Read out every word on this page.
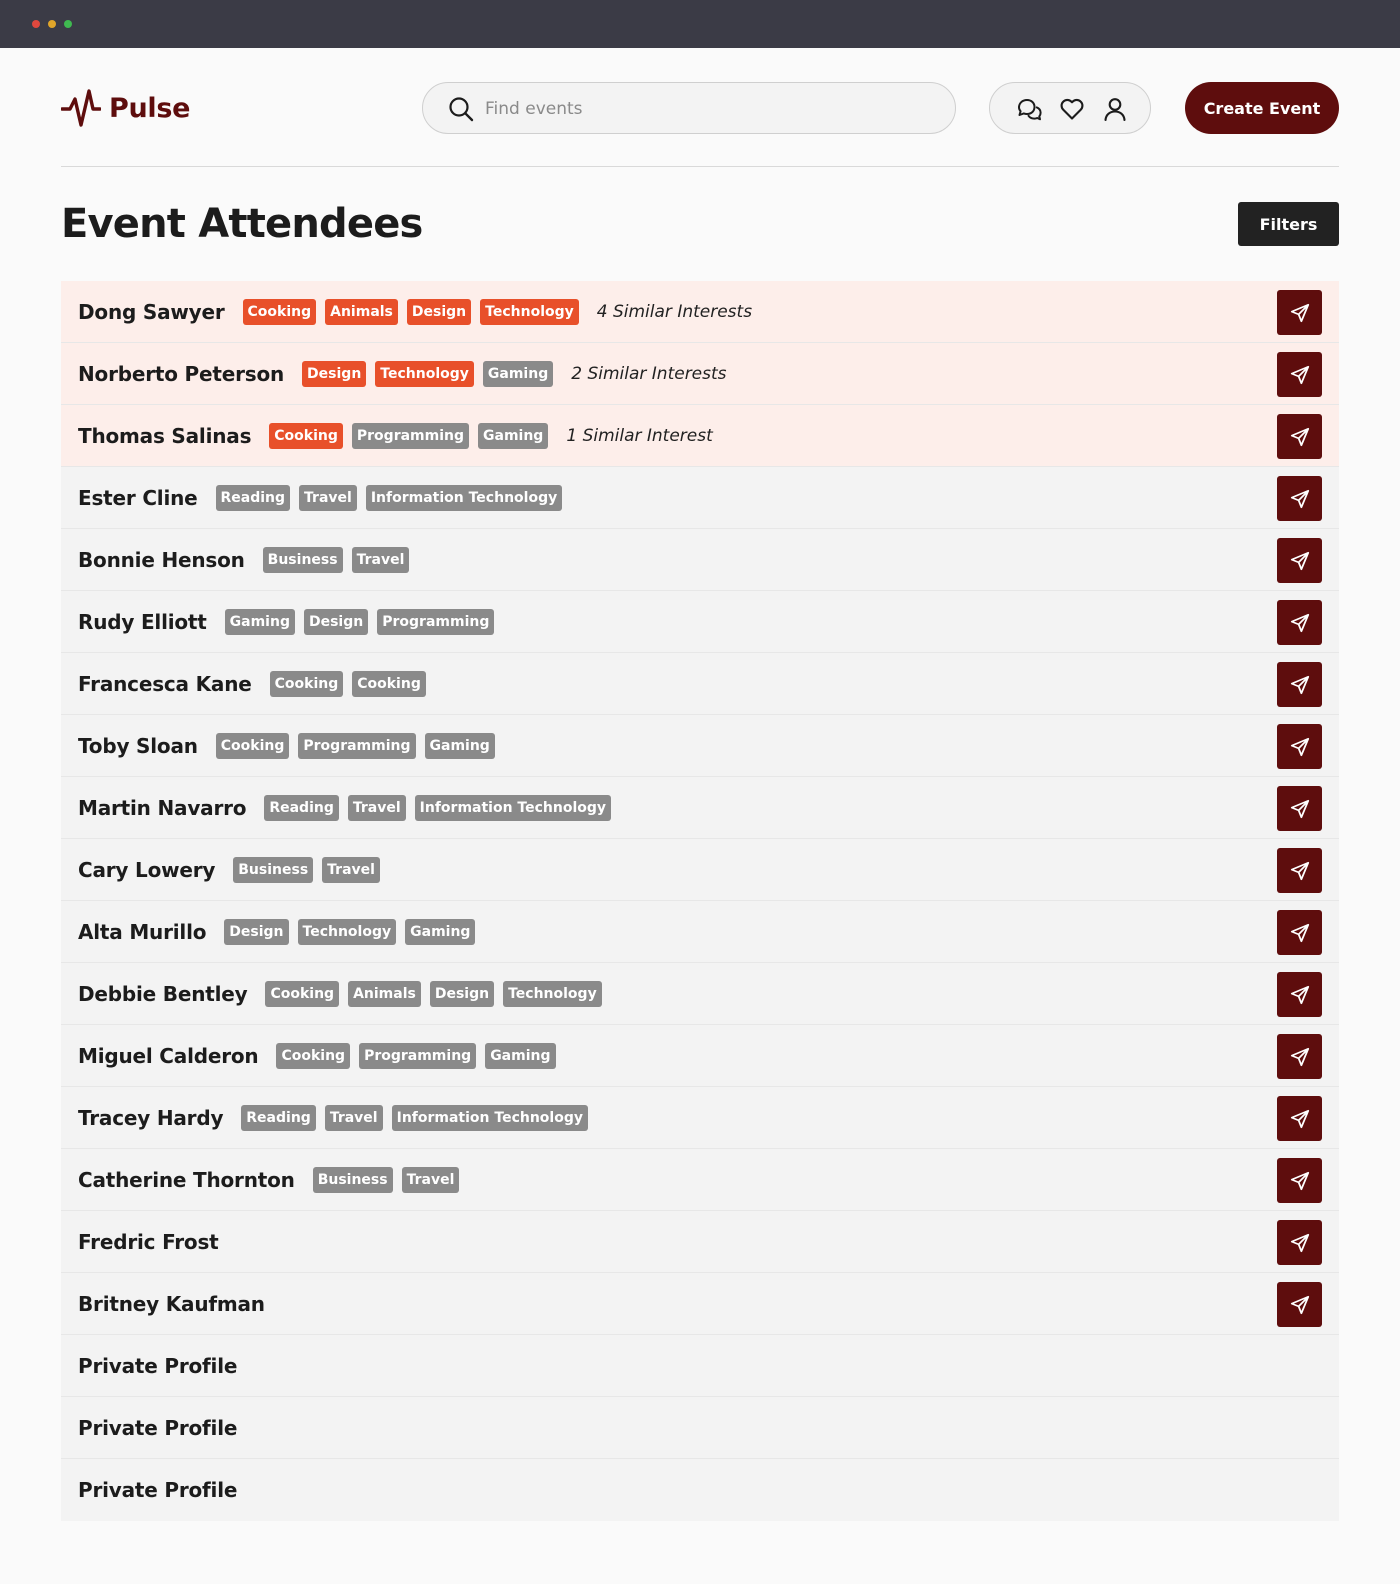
Pulse
Find events	Create Event
Event Attendees	Filters
Dong Sawyer	Cooking	Animals	Design	Technology 4 Similar Interests
Norberto Peterson	Design	Technology	Gaming 2 Similar Interests
Thomas Salinas	Cooking	Programming	Gaming 1 Similar Interest
Ester Cline	Reading	Travel	Information Technology
Bonnie Henson	Business	Travel
Rudy Elliott	Gaming	Design	Programming
Francesca Kane	Cooking	Cooking
Toby Sloan	Cooking	Programming	Gaming
Martin Navarro	Reading	Travel	Information Technology
Cary Lowery	Business	Travel
Alta Murillo	Design	Technology	Gaming
Debbie Bentley	Cooking	Animals	Design	Technology
Miguel Calderon	Cooking	Programming	Gaming
Tracey Hardy	Reading	Travel	Information Technology
Catherine Thornton	Business	Travel
Fredric Frost
Britney Kaufman
Private Profile
Private Profile
Private Profile
